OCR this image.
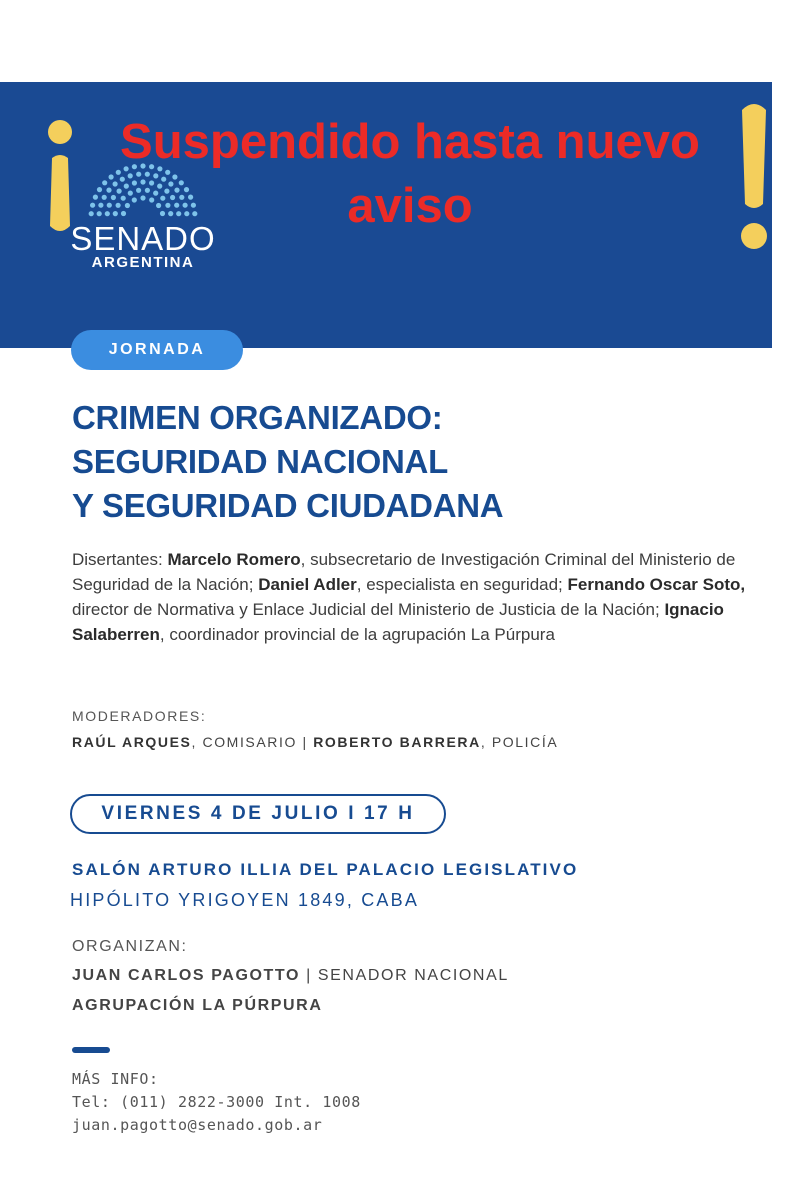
SENADO
ARGENTINA
Suspendido hasta nuevo aviso
JORNADA
CRIMEN ORGANIZADO:
SEGURIDAD NACIONAL
Y SEGURIDAD CIUDADANA
Disertantes: Marcelo Romero, subsecretario de Investigación Criminal del Ministerio de Seguridad de la Nación; Daniel Adler, especialista en seguridad; Fernando Oscar Soto, director de Normativa y Enlace Judicial del Ministerio de Justicia de la Nación; Ignacio Salaberren, coordinador provincial de la agrupación La Púrpura
MODERADORES:
RAÚL ARQUES, COMISARIO | ROBERTO BARRERA, POLICÍA
VIERNES 4 DE JULIO I 17 H
SALÓN ARTURO ILLIA DEL PALACIO LEGISLATIVO
HIPÓLITO YRIGOYEN 1849, CABA
ORGANIZAN:
JUAN CARLOS PAGOTTO | SENADOR NACIONAL
AGRUPACIÓN LA PÚRPURA
MÁS INFO:
Tel: (011) 2822-3000 Int. 1008
juan.pagotto@senado.gob.ar
